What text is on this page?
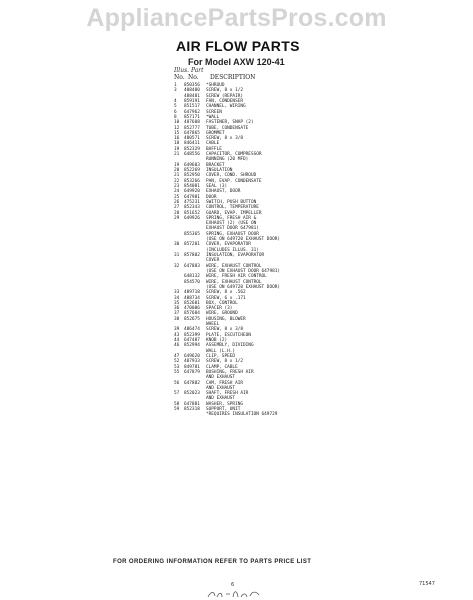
AppliancePartsPros.com
AIR FLOW PARTS
For Model AXW 120-41
Illus. Part
No. No. DESCRIPTION
1	850356	*SHROUD
3	488480	SCREW, 8 x 1/2
488481	SCREW (REPAIR)
4	859191	FAN, CONDENSER
5	851517	CHANNEL, WIRING
6	647962	SCREEN
8	857171	*WALL
10	487608	FASTENER, SNAP (2)
12	852777	TUBE, CONDENSATE
15	647865	GROMMET
16	480571	SCREW, 8 x 3/8
18	846411	CABLE
19	852329	BAFFLE
21	648556	CAPACITOR, COMPRESSOR
RUNNING (20 MFD)
19	649603	BRACKET
20	852269	INSULATION
21	852950	COVER, COND. SHROUD
22	853266	PAN, EVAP. CONDENSATE
23	854081	SEAL (3)
24	649920	EXHAUST, DOOR
25	647981	DOOR
26	475231	SWITCH, PUSH BUTTON
27	852343	CONTROL, TEMPERATURE
28	851652	GUARD, EVAP. IMPELLER
29	649926	SPRING, FRESH AIR &
EXHAUST (2) (USE ON
EXHAUST DOOR 647981)
855365	SPRING, EXHAUST DOOR
(USE ON 649720 EXHAUST DOOR)
30	857201	COVER, EVAPORATOR
(INCLUDES ILLUS. 31)
31	857802	INSULATION, EVAPORATOR
COVER
32	647883	WIRE, EXHAUST CONTROL
(USE ON EXHAUST DOOR 647981)
648132	WIRE, FRESH AIR CONTROL
854570	WIRE, EXHAUST CONTROL
(USE ON 649720 EXHAUST DOOR)
33	489718	SCREW, 8 x .562
34	488734	SCREW, 6 x .171
35	852601	BOX, CONTROL
36	470006	SPACER (3)
37	857684	WIRE, GROUND
38	852675	HOUSING, BLOWER
WHEEL
39	486474	SCREW, 8 x 3/8
43	852399	PLATE, ESCUTCHEON
44	647487	KNOB (2)
46	852994	ASSEMBLY, DIVIDING
WALL (L.H.)
47	649620	CLIP, SPEED
52	487933	SCREW, 8 x 1/2
53	849781	CLAMP, CABLE
55	647879	BUSHING, FRESH AIR
AND EXHAUST
56	647882	CAM, FRESH AIR
AND EXHAUST
57	852023	SHAFT, FRESH AIR
AND EXHAUST
58	647881	WASHER, SPRING
59	852318	SUPPORT, UNIT
*REQUIRES INSULATION 649729
FOR ORDERING INFORMATION REFER TO PARTS PRICE LIST
6	71547
